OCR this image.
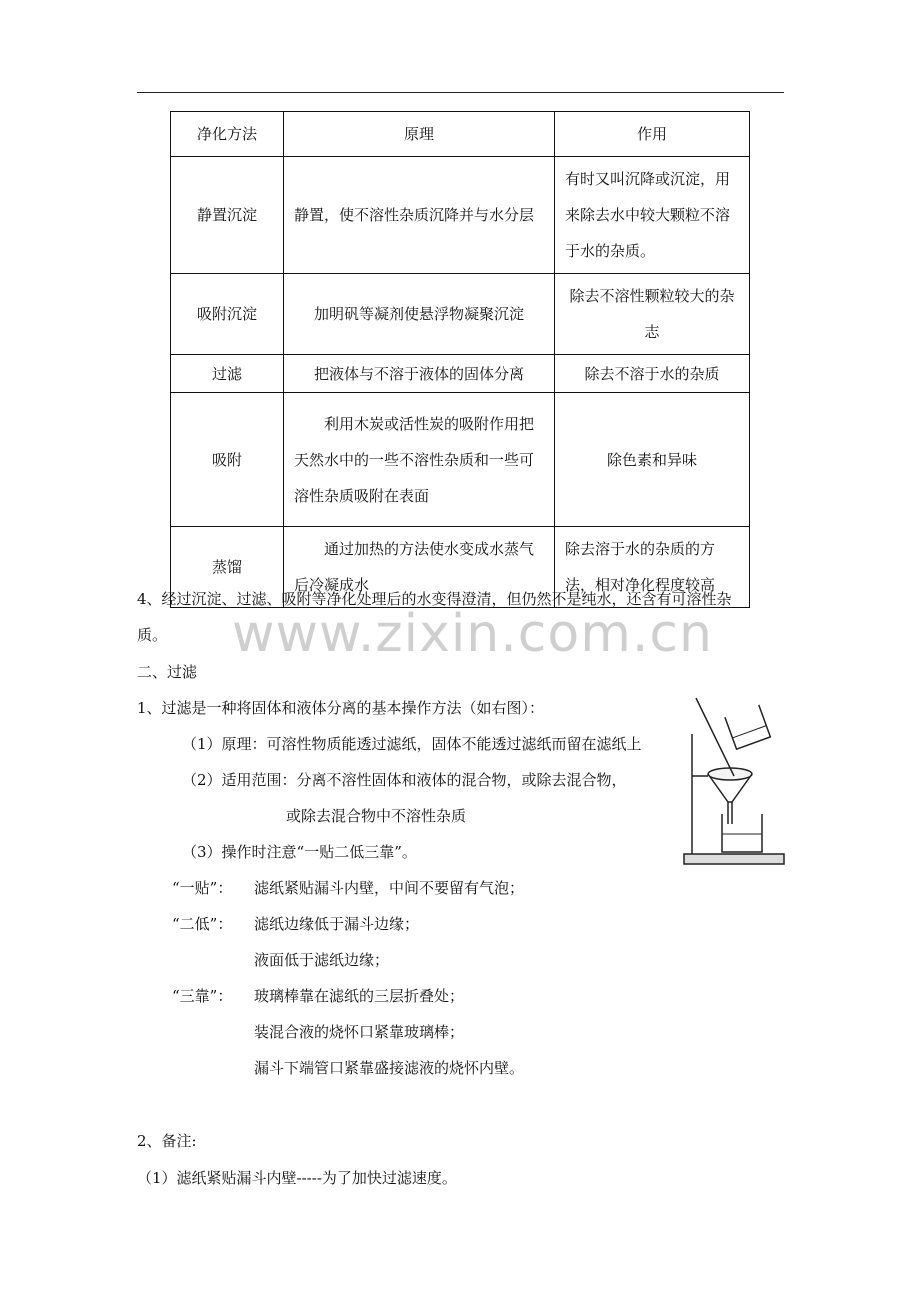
净化方法	原理	作用
静置沉淀	静置，使不溶性杂质沉降并与水分层	有时又叫沉降或沉淀，用来除去水中较大颗粒不溶于水的杂质。
吸附沉淀	加明矾等凝剂使悬浮物凝聚沉淀	除去不溶性颗粒较大的杂志
过滤	把液体与不溶于液体的固体分离	除去不溶于水的杂质
吸附	利用木炭或活性炭的吸附作用把天然水中的一些不溶性杂质和一些可溶性杂质吸附在表面	除色素和异味
蒸馏	通过加热的方法使水变成水蒸气后冷凝成水	除去溶于水的杂质的方法，相对净化程度较高
www.zixin.com.cn
4、经过沉淀、过滤、吸附等净化处理后的水变得澄清，但仍然不是纯水，还含有可溶性杂
质。
二、过滤
1、过滤是一种将固体和液体分离的基本操作方法（如右图）：
（1）原理：可溶性物质能透过滤纸，固体不能透过滤纸而留在滤纸上
（2）适用范围：分离不溶性固体和液体的混合物，或除去混合物，
或除去混合物中不溶性杂质
（3）操作时注意“一贴二低三靠”。
“一贴”： 滤纸紧贴漏斗内壁，中间不要留有气泡；
“二低”： 滤纸边缘低于漏斗边缘；
液面低于滤纸边缘；
“三靠”： 玻璃棒靠在滤纸的三层折叠处；
装混合液的烧怀口紧靠玻璃棒；
漏斗下端管口紧靠盛接滤液的烧怀内壁。
2、备注:
（1）滤纸紧贴漏斗内壁-----为了加快过滤速度。
